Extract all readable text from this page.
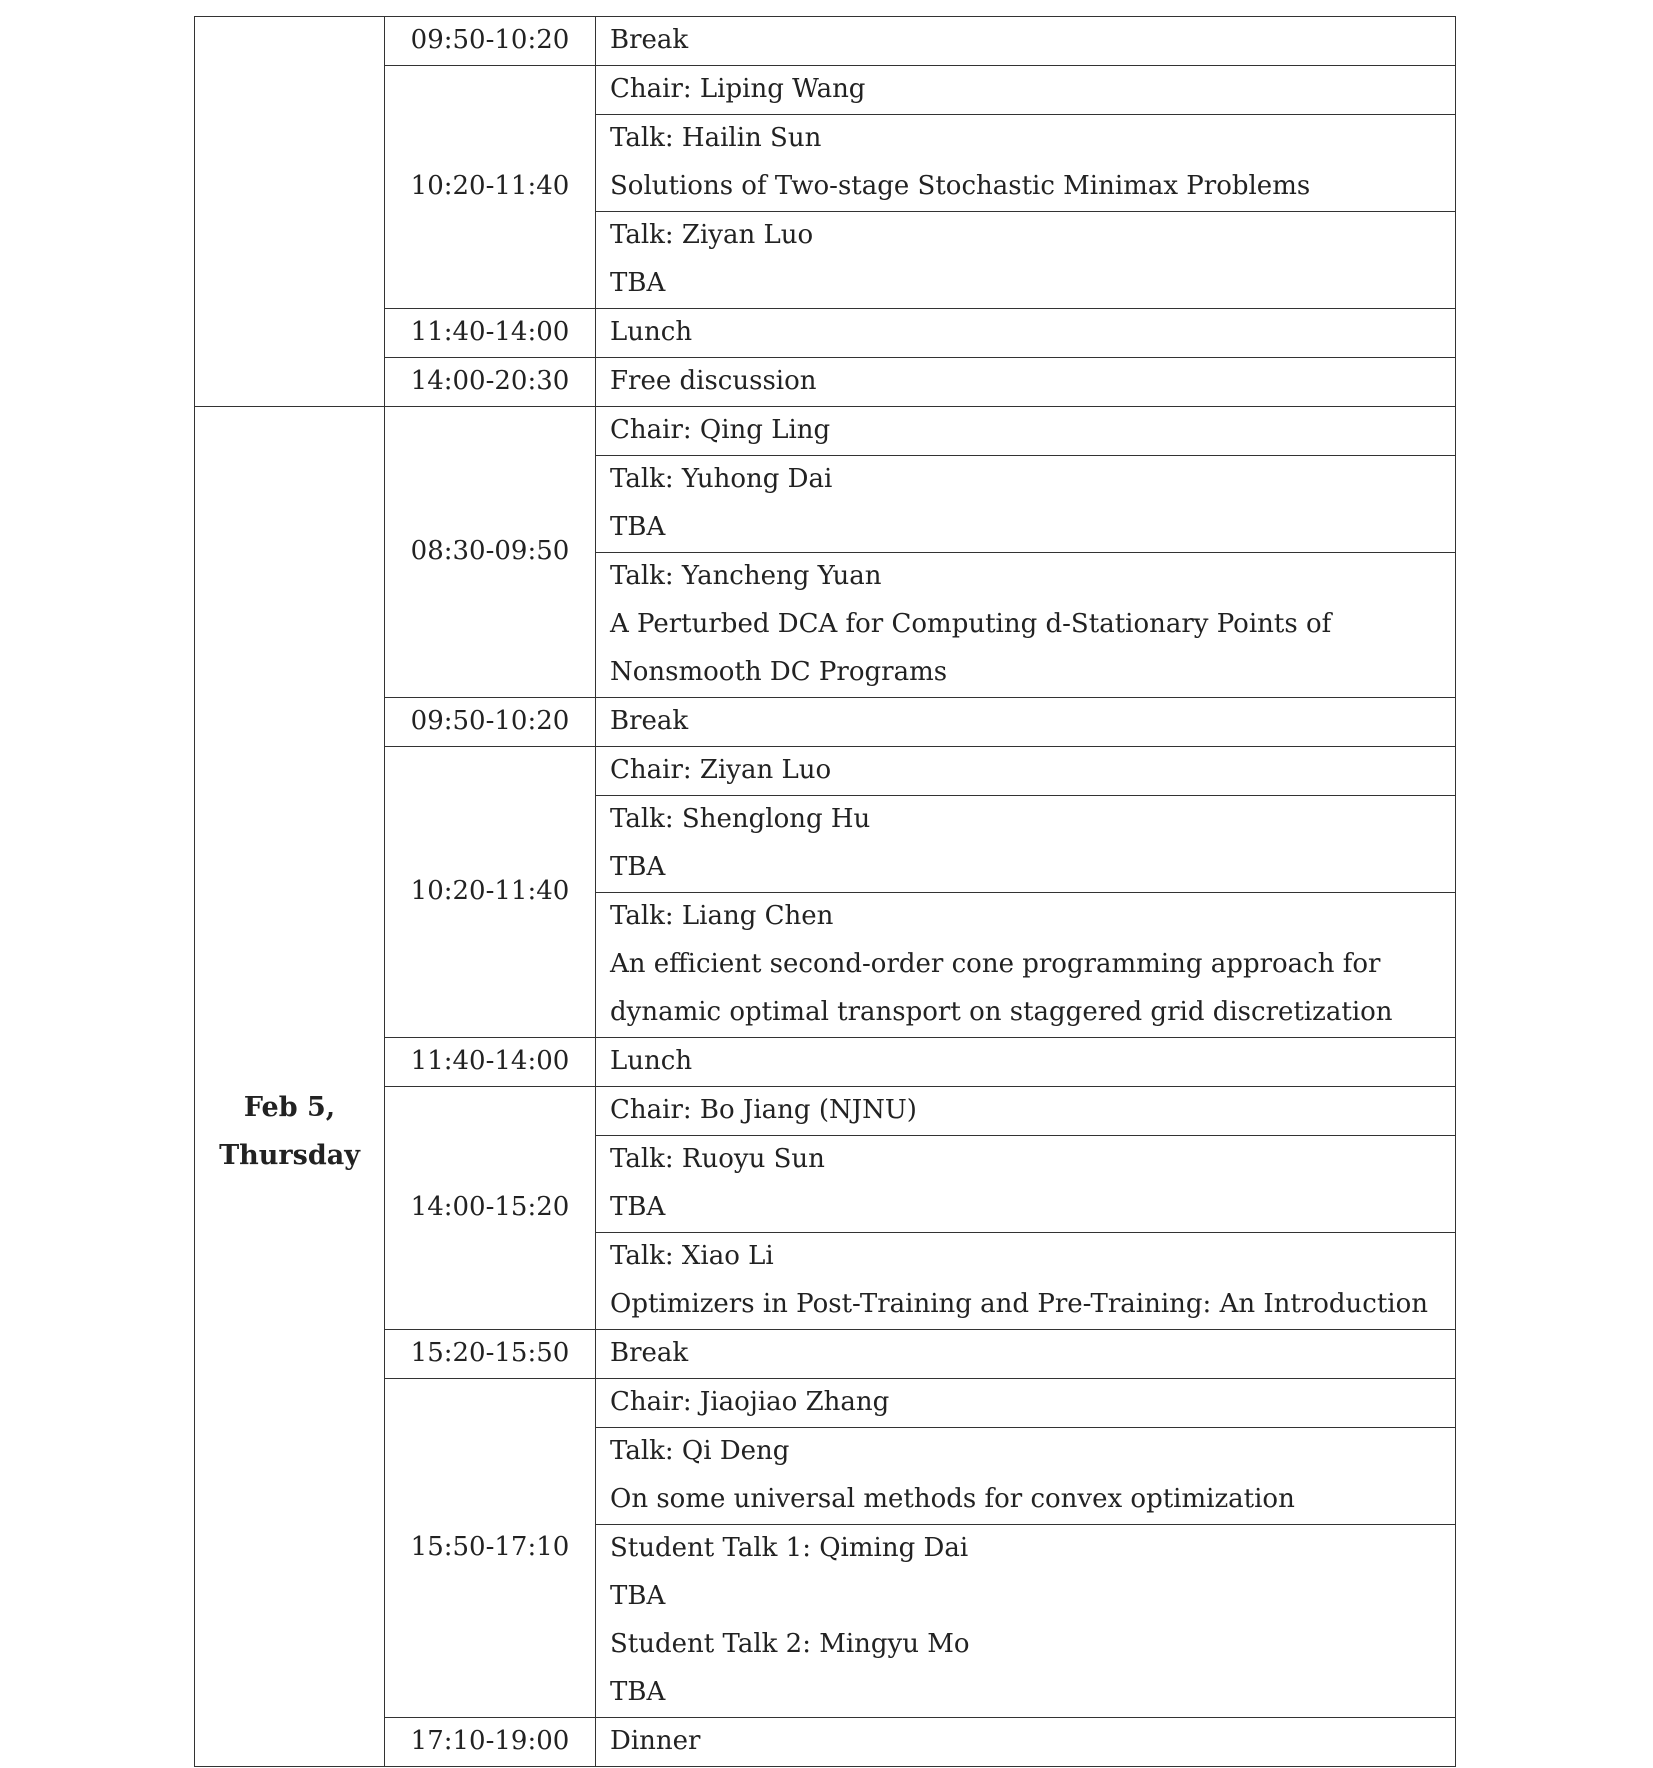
	09:50-10:20	Break

	10:20-11:40	Chair: Liping Wang

		Talk: Hailin Sun
Solutions of Two-stage Stochastic Minimax Problems

		Talk: Ziyan Luo
TBA

	11:40-14:00	Lunch

	14:00-20:30	Free discussion

Feb 5,
Thursday	08:30-09:50	Chair: Qing Ling

		Talk: Yuhong Dai
TBA

		Talk: Yancheng Yuan
A Perturbed DCA for Computing d-Stationary Points of
Nonsmooth DC Programs

	09:50-10:20	Break

	10:20-11:40	Chair: Ziyan Luo

		Talk: Shenglong Hu
TBA

		Talk: Liang Chen
An efficient second-order cone programming approach for
dynamic optimal transport on staggered grid discretization

	11:40-14:00	Lunch

	14:00-15:20	Chair: Bo Jiang (NJNU)

		Talk: Ruoyu Sun
TBA

		Talk: Xiao Li
Optimizers in Post-Training and Pre-Training: An Introduction

	15:20-15:50	Break

	15:50-17:10	Chair: Jiaojiao Zhang

		Talk: Qi Deng
On some universal methods for convex optimization

		Student Talk 1: Qiming Dai
TBA
Student Talk 2: Mingyu Mo
TBA

	17:10-19:00	Dinner
